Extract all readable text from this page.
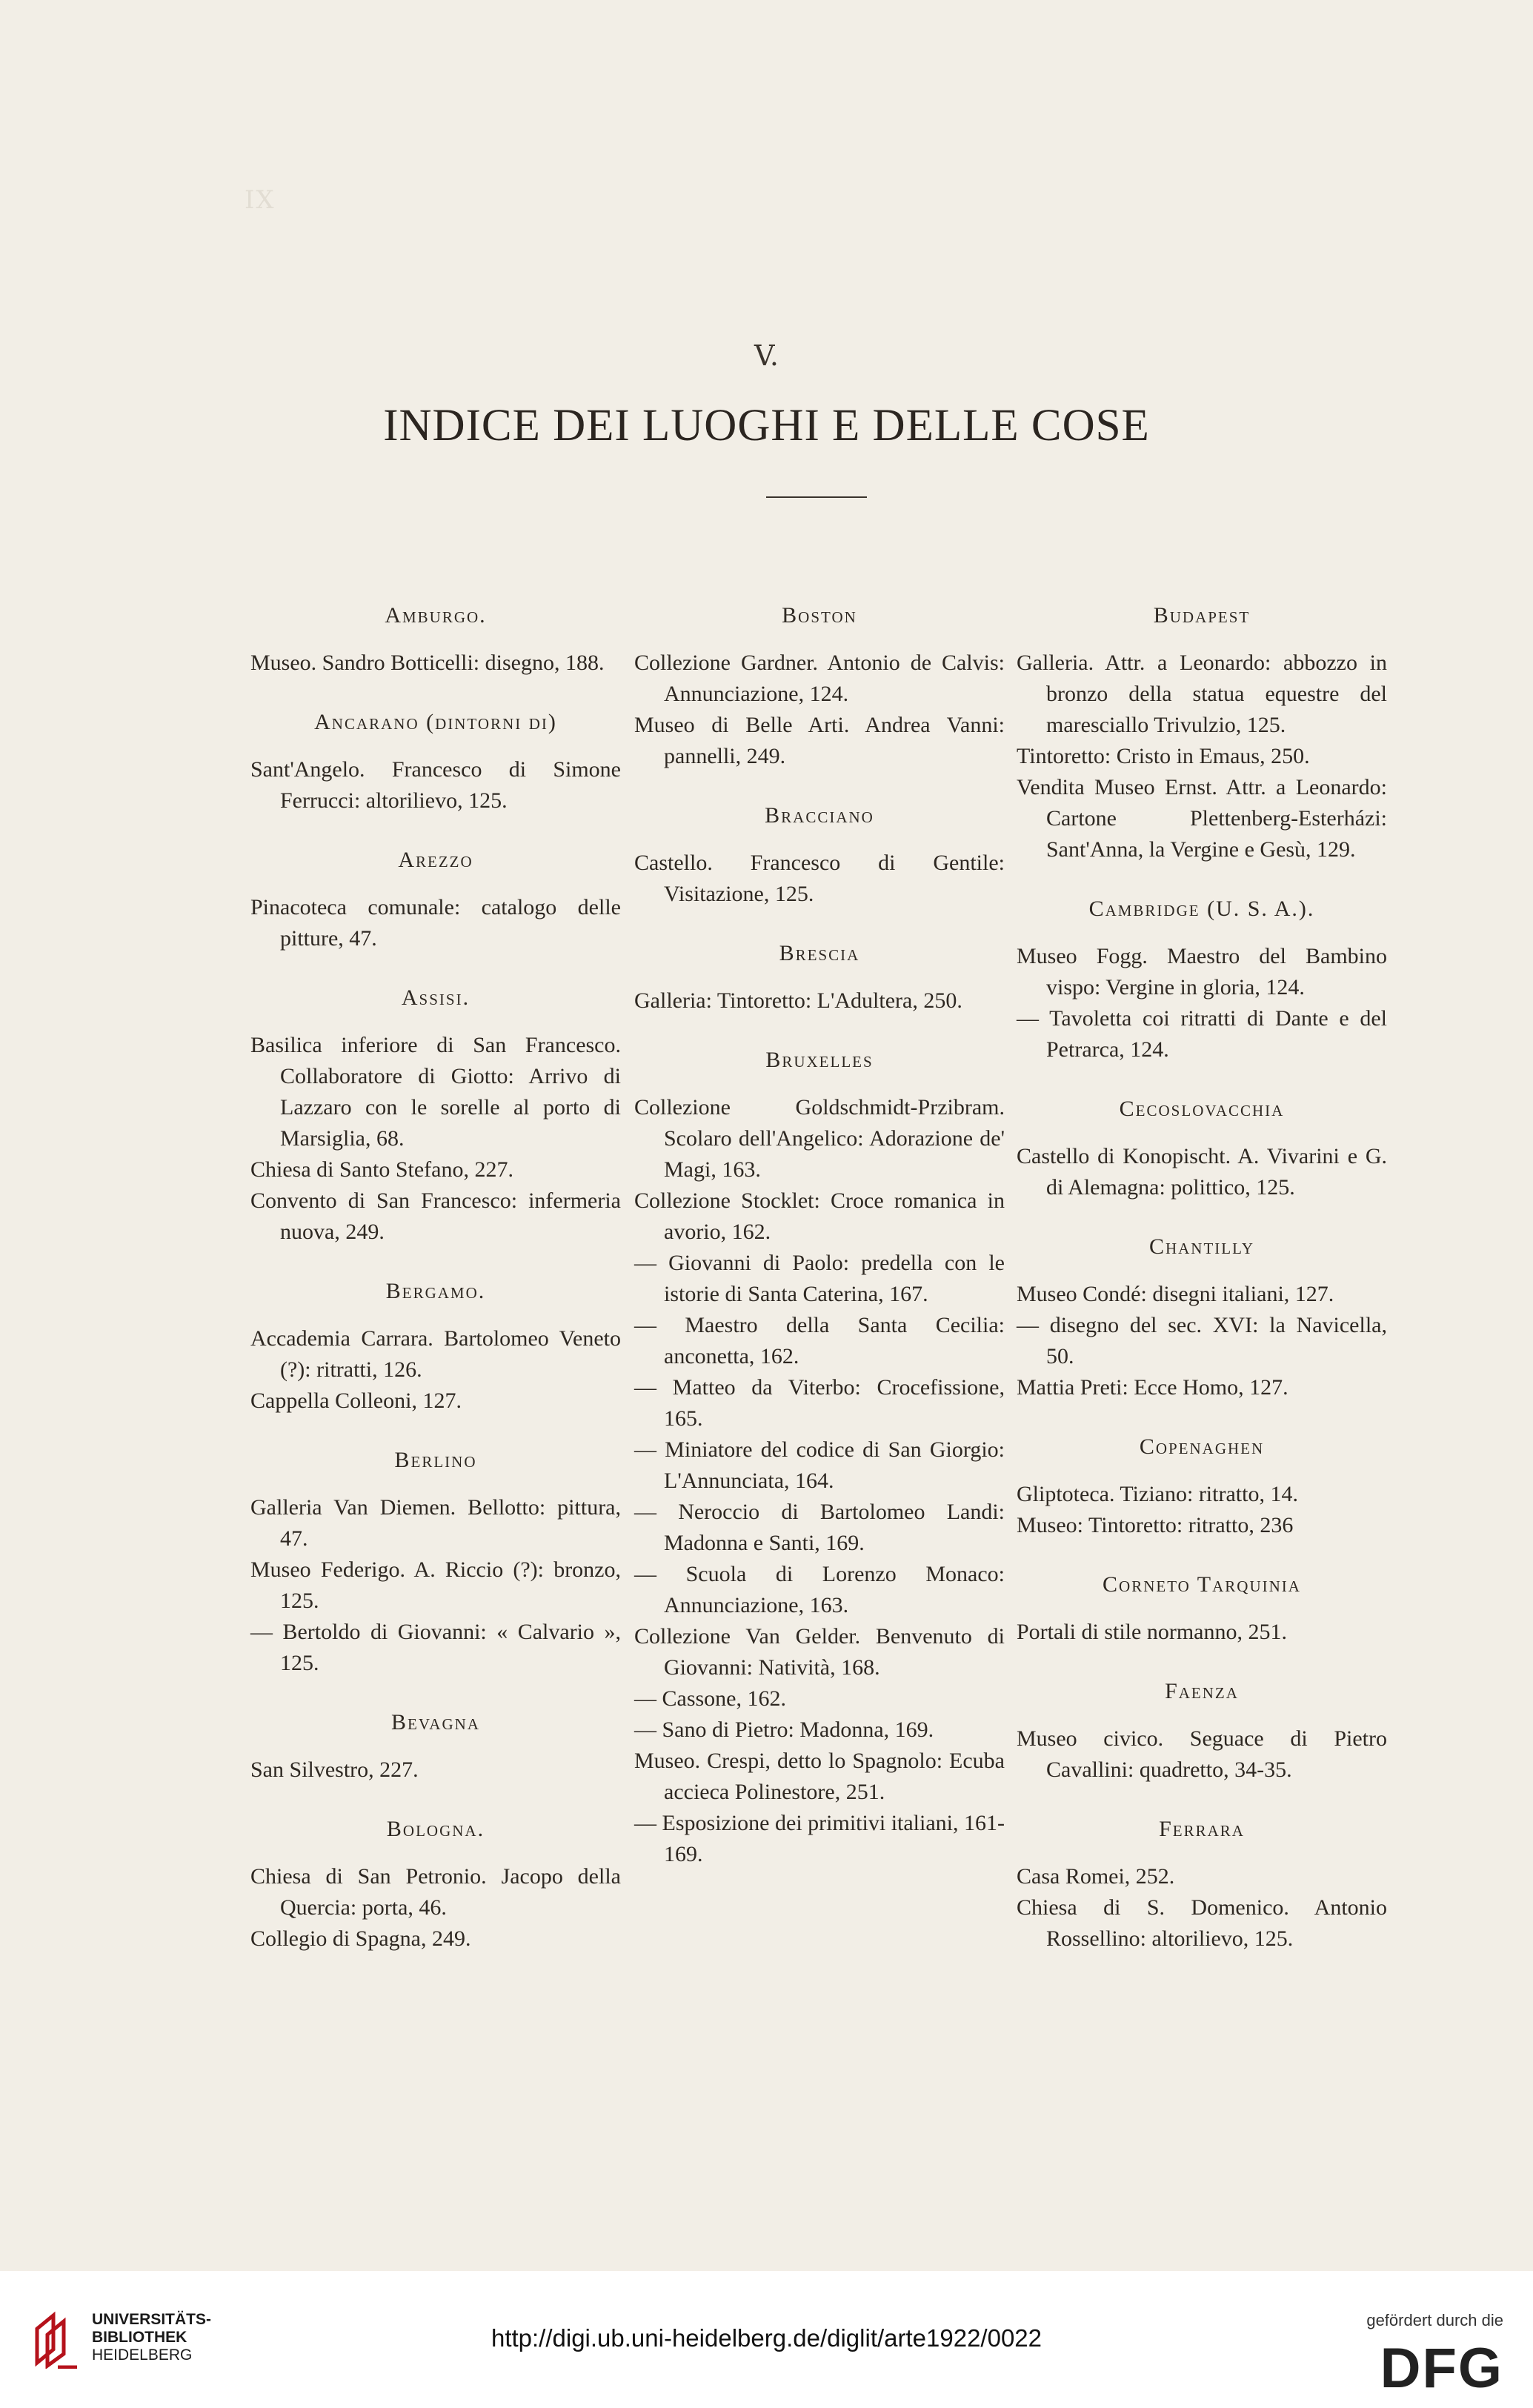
IX
V.
INDICE DEI LUOGHI E DELLE COSE
Amburgo.
Museo. Sandro Botticelli: disegno, 188.
Ancarano (dintorni di)
Sant'Angelo. Francesco di Simone Ferrucci: altorilievo, 125.
Arezzo
Pinacoteca comunale: catalogo delle pitture, 47.
Assisi.
Basilica inferiore di San Francesco. Collaboratore di Giotto: Arrivo di Lazzaro con le sorelle al porto di Marsiglia, 68.
Chiesa di Santo Stefano, 227.
Convento di San Francesco: infermeria nuova, 249.
Bergamo.
Accademia Carrara. Bartolomeo Veneto (?): ritratti, 126.
Cappella Colleoni, 127.
Berlino
Galleria Van Diemen. Bellotto: pittura, 47.
Museo Federigo. A. Riccio (?): bronzo, 125.
— Bertoldo di Giovanni: « Calvario », 125.
Bevagna
San Silvestro, 227.
Bologna.
Chiesa di San Petronio. Jacopo della Quercia: porta, 46.
Collegio di Spagna, 249.
Boston
Collezione Gardner. Antonio de Calvis: Annunciazione, 124.
Museo di Belle Arti. Andrea Vanni: pannelli, 249.
Bracciano
Castello. Francesco di Gentile: Visitazione, 125.
Brescia
Galleria: Tintoretto: L'Adultera, 250.
Bruxelles
Collezione Goldschmidt-Przibram. Scolaro dell'Angelico: Adorazione de' Magi, 163.
Collezione Stocklet: Croce romanica in avorio, 162.
— Giovanni di Paolo: predella con le istorie di Santa Caterina, 167.
— Maestro della Santa Cecilia: anconetta, 162.
— Matteo da Viterbo: Crocefissione, 165.
— Miniatore del codice di San Giorgio: L'Annunciata, 164.
— Neroccio di Bartolomeo Landi: Madonna e Santi, 169.
— Scuola di Lorenzo Monaco: Annunciazione, 163.
Collezione Van Gelder. Benvenuto di Giovanni: Natività, 168.
— Cassone, 162.
— Sano di Pietro: Madonna, 169.
Museo. Crespi, detto lo Spagnolo: Ecuba accieca Polinestore, 251.
— Esposizione dei primitivi italiani, 161-169.
Budapest
Galleria. Attr. a Leonardo: abbozzo in bronzo della statua equestre del maresciallo Trivulzio, 125.
Tintoretto: Cristo in Emaus, 250.
Vendita Museo Ernst. Attr. a Leonardo: Cartone Plettenberg-Esterházi: Sant'Anna, la Vergine e Gesù, 129.
Cambridge (U. S. A.).
Museo Fogg. Maestro del Bambino vispo: Vergine in gloria, 124.
— Tavoletta coi ritratti di Dante e del Petrarca, 124.
Cecoslovacchia
Castello di Konopischt. A. Vivarini e G. di Alemagna: polittico, 125.
Chantilly
Museo Condé: disegni italiani, 127.
— disegno del sec. XVI: la Navicella, 50.
Mattia Preti: Ecce Homo, 127.
Copenaghen
Gliptoteca. Tiziano: ritratto, 14.
Museo: Tintoretto: ritratto, 236
Corneto Tarquinia
Portali di stile normanno, 251.
Faenza
Museo civico. Seguace di Pietro Cavallini: quadretto, 34-35.
Ferrara
Casa Romei, 252.
Chiesa di S. Domenico. Antonio Rossellino: altorilievo, 125.
UNIVERSITÄTS-
BIBLIOTHEK
HEIDELBERG
http://digi.ub.uni-heidelberg.de/diglit/arte1922/0022
gefördert durch die
DFG
